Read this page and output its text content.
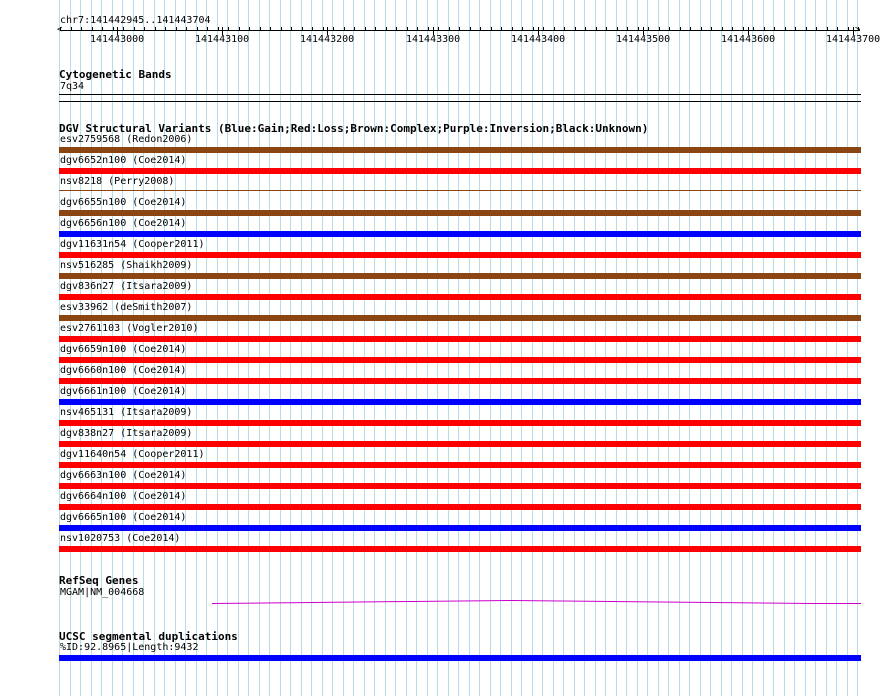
chr7:141442945..141443704
<	>
141443000	141443100	141443200	141443300	141443400	141443500	141443600	141443700
Cytogenetic Bands
7q34
DGV Structural Variants (Blue:Gain;Red:Loss;Brown:Complex;Purple:Inversion;Black:Unknown)
esv2759568 (Redon2006)
dgv6652n100 (Coe2014)
nsv8218 (Perry2008)
dgv6655n100 (Coe2014)
dgv6656n100 (Coe2014)
dgv11631n54 (Cooper2011)
nsv516285 (Shaikh2009)
dgv836n27 (Itsara2009)
esv33962 (deSmith2007)
esv2761103 (Vogler2010)
dgv6659n100 (Coe2014)
dgv6660n100 (Coe2014)
dgv6661n100 (Coe2014)
nsv465131 (Itsara2009)
dgv838n27 (Itsara2009)
dgv11640n54 (Cooper2011)
dgv6663n100 (Coe2014)
dgv6664n100 (Coe2014)
dgv6665n100 (Coe2014)
nsv1020753 (Coe2014)
RefSeq Genes
MGAM|NM_004668
UCSC segmental duplications
%ID:92.8965|Length:9432
